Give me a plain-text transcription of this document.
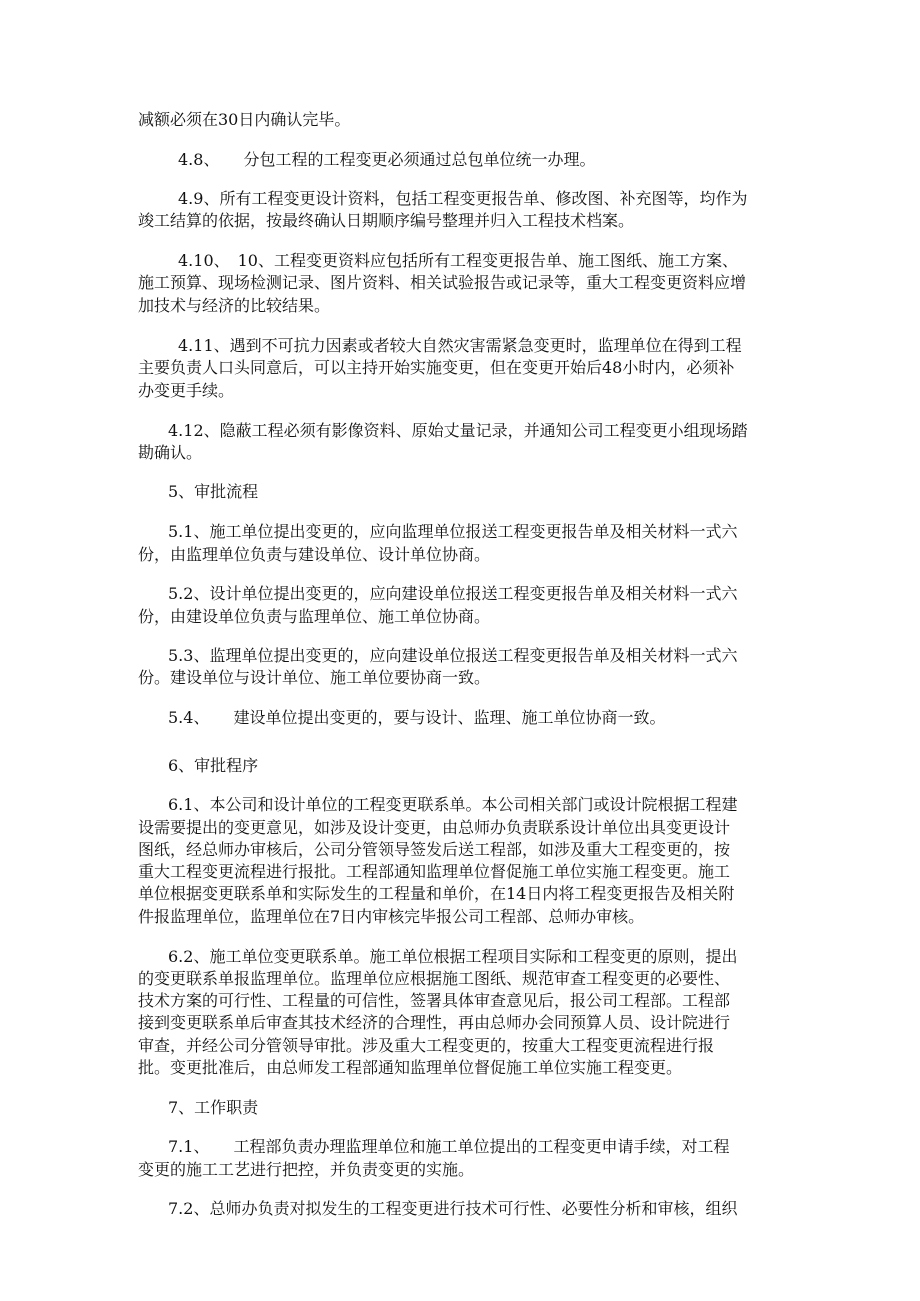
减额必须在30日内确认完毕。
4.8、　　分包工程的工程变更必须通过总包单位统一办理。
4.9、所有工程变更设计资料，包括工程变更报告单、修改图、补充图等，均作为
竣工结算的依据，按最终确认日期顺序编号整理并归入工程技术档案。
4.10、　10、工程变更资料应包括所有工程变更报告单、施工图纸、施工方案、
施工预算、现场检测记录、图片资料、相关试验报告或记录等，重大工程变更资料应增
加技术与经济的比较结果。
4.11、遇到不可抗力因素或者较大自然灾害需紧急变更时，监理单位在得到工程
主要负责人口头同意后，可以主持开始实施变更，但在变更开始后48小时内，必须补
办变更手续。
4.12、隐蔽工程必须有影像资料、原始丈量记录，并通知公司工程变更小组现场踏
勘确认。
5、审批流程
5.1、施工单位提出变更的，应向监理单位报送工程变更报告单及相关材料一式六
份，由监理单位负责与建设单位、设计单位协商。
5.2、设计单位提出变更的，应向建设单位报送工程变更报告单及相关材料一式六
份，由建设单位负责与监理单位、施工单位协商。
5.3、监理单位提出变更的，应向建设单位报送工程变更报告单及相关材料一式六
份。建设单位与设计单位、施工单位要协商一致。
5.4、　　建设单位提出变更的，要与设计、监理、施工单位协商一致。
6、审批程序
6.1、本公司和设计单位的工程变更联系单。本公司相关部门或设计院根据工程建
设需要提出的变更意见，如涉及设计变更，由总师办负责联系设计单位出具变更设计
图纸，经总师办审核后，公司分管领导签发后送工程部，如涉及重大工程变更的，按
重大工程变更流程进行报批。工程部通知监理单位督促施工单位实施工程变更。施工
单位根据变更联系单和实际发生的工程量和单价，在14日内将工程变更报告及相关附
件报监理单位，监理单位在7日内审核完毕报公司工程部、总师办审核。
6.2、施工单位变更联系单。施工单位根据工程项目实际和工程变更的原则，提出
的变更联系单报监理单位。监理单位应根据施工图纸、规范审查工程变更的必要性、
技术方案的可行性、工程量的可信性，签署具体审查意见后，报公司工程部。工程部
接到变更联系单后审查其技术经济的合理性，再由总师办会同预算人员、设计院进行
审查，并经公司分管领导审批。涉及重大工程变更的，按重大工程变更流程进行报
批。变更批准后，由总师发工程部通知监理单位督促施工单位实施工程变更。
7、工作职责
7.1、　　工程部负责办理监理单位和施工单位提出的工程变更申请手续，对工程
变更的施工工艺进行把控，并负责变更的实施。
7.2、总师办负责对拟发生的工程变更进行技术可行性、必要性分析和审核，组织
